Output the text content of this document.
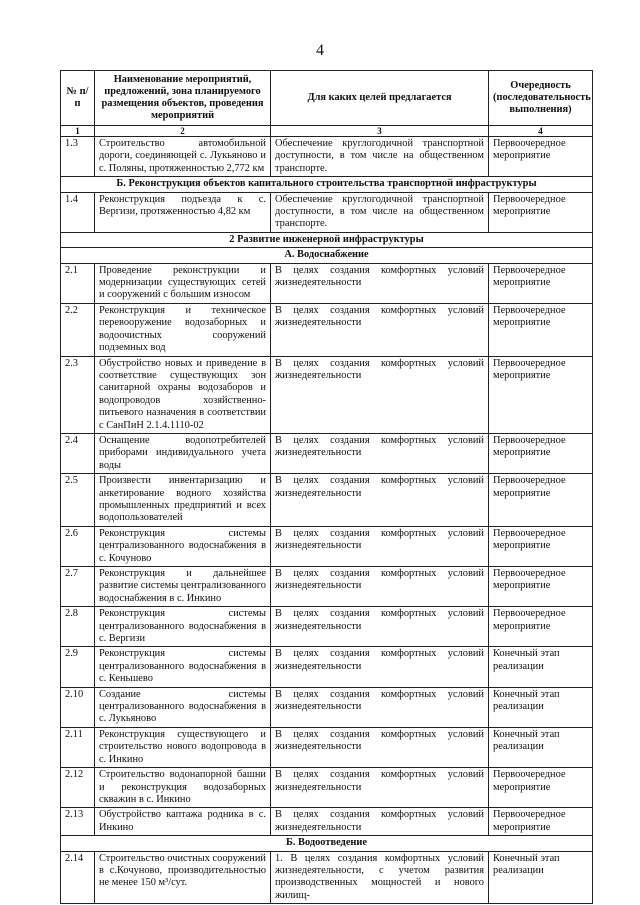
4
№ п/п	Наименование мероприятий, предложений, зона планируемого размещения объектов, проведения мероприятий	Для каких целей предлагается	Очередность (последовательность выполнения)
1	2	3	4
1.3	Строительство автомобильной дороги, соединяющей с. Лукьяново и с. Поляны, протяженностью 2,772 км	Обеспечение круглогодичной транспортной доступности, в том числе на общественном транспорте.	Первоочередное мероприятие
Б. Реконструкция объектов капитального строительства транспортной инфраструктуры			
1.4	Реконструкция подъезда к с. Вергизи, протяженностью 4,82 км	Обеспечение круглогодичной транспортной доступности, в том числе на общественном транспорте.	Первоочередное мероприятие
2 Развитие инженерной инфраструктуры			
А. Водоснабжение			
2.1	Проведение реконструкции и модернизации существующих сетей и сооружений с большим износом	В целях создания комфортных условий жизнедеятельности	Первоочередное мероприятие
2.2	Реконструкция и техническое перевооружение водозаборных и водоочистных сооружений подземных вод	В целях создания комфортных условий жизнедеятельности	Первоочередное мероприятие
2.3	Обустройство новых и приведение в соответствие существующих зон санитарной охраны водозаборов и водопроводов хозяйственно-питьевого назначения в соответствии с СанПиН 2.1.4.1110-02	В целях создания комфортных условий жизнедеятельности	Первоочередное мероприятие
2.4	Оснащение водопотребителей приборами индивидуального учета воды	В целях создания комфортных условий жизнедеятельности	Первоочередное мероприятие
2.5	Произвести инвентаризацию и анкетирование водного хозяйства промышленных предприятий и всех водопользователей	В целях создания комфортных условий жизнедеятельности	Первоочередное мероприятие
2.6	Реконструкция системы централизованного водоснабжения в с. Кочуново	В целях создания комфортных условий жизнедеятельности	Первоочередное мероприятие
2.7	Реконструкция и дальнейшее развитие системы централизованного водоснабжения в с. Инкино	В целях создания комфортных условий жизнедеятельности	Первоочередное мероприятие
2.8	Реконструкция системы централизованного водоснабжения в с. Вергизи	В целях создания комфортных условий жизнедеятельности	Первоочередное мероприятие
2.9	Реконструкция системы централизованного водоснабжения в с. Кеньшево	В целях создания комфортных условий жизнедеятельности	Конечный этап реализации
2.10	Создание системы централизованного водоснабжения в с. Лукьяново	В целях создания комфортных условий жизнедеятельности	Конечный этап реализации
2.11	Реконструкция существующего и строительство нового водопровода в с. Инкино	В целях создания комфортных условий жизнедеятельности	Конечный этап реализации
2.12	Строительство водонапорной башни и реконструкция водозаборных скважин в с. Инкино	В целях создания комфортных условий жизнедеятельности	Первоочередное мероприятие
2.13	Обустройство каптажа родника в с. Инкино	В целях создания комфортных условий жизнедеятельности	Первоочередное мероприятие
Б. Водоотведение			
2.14	Строительство очистных сооружений в с.Кочуново, производительностью не менее 150 м³/сут.	1. В целях создания комфортных условий жизнедеятельности, с учетом развития производственных мощностей и нового жилищ-	Конечный этап реализации
